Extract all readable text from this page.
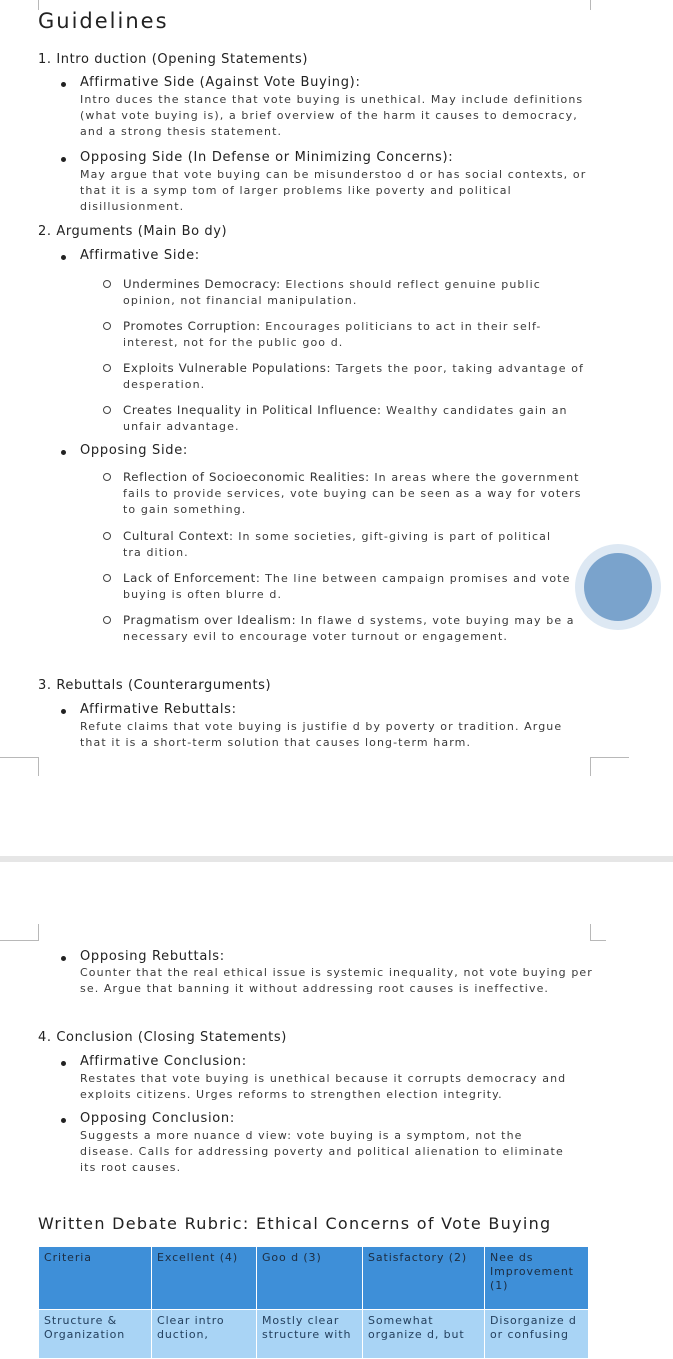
Guidelines
1. Intro duction (Opening Statements)
Affirmative Side (Against Vote Buying):
Intro duces the stance that vote buying is unethical. May include definitions (what vote buying is), a brief overview of the harm it causes to democracy, and a strong thesis statement.
Opposing Side (In Defense or Minimizing Concerns):
May argue that vote buying can be misunderstoo d or has social contexts, or that it is a symp tom of larger problems like poverty and political disillusionment.
2. Arguments (Main Bo dy)
Affirmative Side:
Undermines Democracy: Elections should reflect genuine public opinion, not financial manipulation.
Promotes Corruption: Encourages politicians to act in their self-interest, not for the public goo d.
Exploits Vulnerable Populations: Targets the poor, taking advantage of desperation.
Creates Inequality in Political Influence: Wealthy candidates gain an unfair advantage.
Opposing Side:
Reflection of Socioeconomic Realities: In areas where the government fails to provide services, vote buying can be seen as a way for voters to gain something.
Cultural Context: In some societies, gift-giving is part of political tra dition.
Lack of Enforcement: The line between campaign promises and vote buying is often blurre d.
Pragmatism over Idealism: In flawe d systems, vote buying may be a necessary evil to encourage voter turnout or engagement.
3. Rebuttals (Counterarguments)
Affirmative Rebuttals:
Refute claims that vote buying is justifie d by poverty or tradition. Argue that it is a short-term solution that causes long-term harm.
Opposing Rebuttals:
Counter that the real ethical issue is systemic inequality, not vote buying per se. Argue that banning it without addressing root causes is ineffective.
4. Conclusion (Closing Statements)
Affirmative Conclusion:
Restates that vote buying is unethical because it corrupts democracy and exploits citizens. Urges reforms to strengthen election integrity.
Opposing Conclusion:
Suggests a more nuance d view: vote buying is a symptom, not the disease. Calls for addressing poverty and political alienation to eliminate its root causes.
Written Debate Rubric: Ethical Concerns of Vote Buying
Criteria	Excellent (4)	Goo d (3)	Satisfactory (2)	Nee ds Improvement (1)
Structure & Organization	Clear intro duction,	Mostly clear structure with	Somewhat organize d, but	Disorganize d or confusing
